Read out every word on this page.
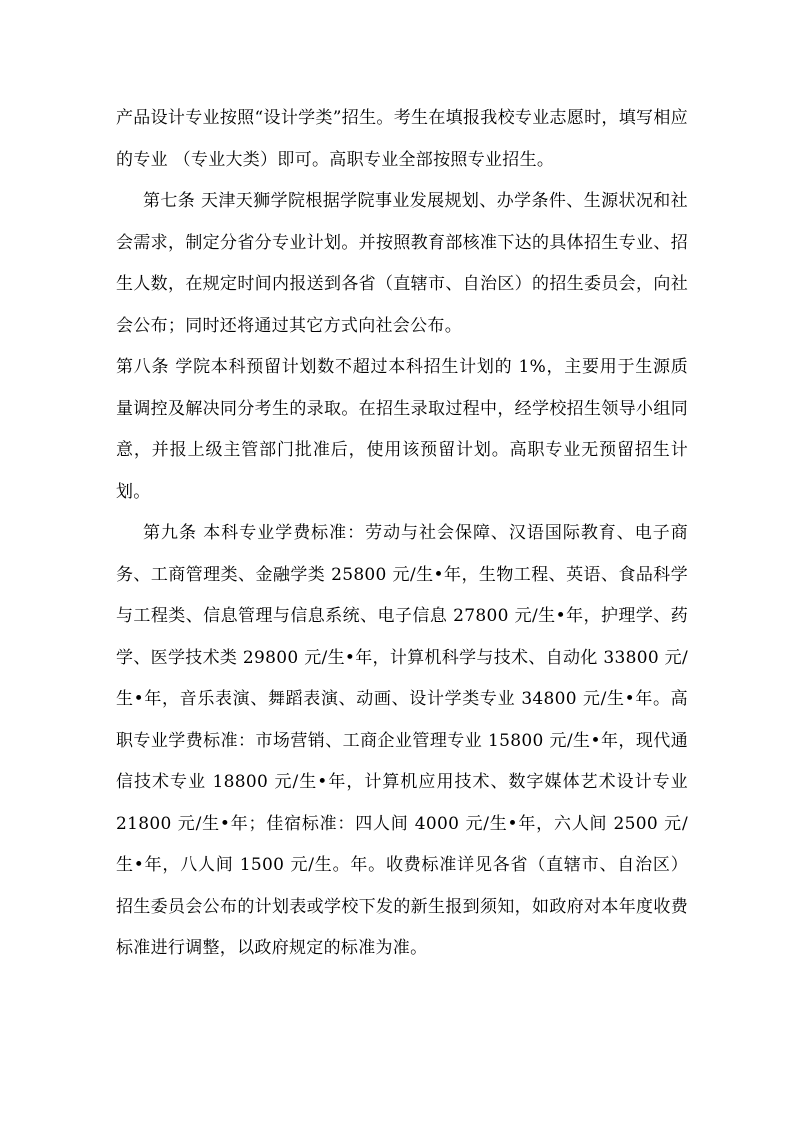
产品设计专业按照“设计学类”招生。考生在填报我校专业志愿时，填写相应的专业 （专业大类）即可。高职专业全部按照专业招生。

第七条 天津天狮学院根据学院事业发展规划、办学条件、生源状况和社会需求，制定分省分专业计划。并按照教育部核准下达的具体招生专业、招生人数，在规定时间内报送到各省（直辖市、自治区）的招生委员会，向社会公布；同时还将通过其它方式向社会公布。

第八条 学院本科预留计划数不超过本科招生计划的 1%，主要用于生源质量调控及解决同分考生的录取。在招生录取过程中，经学校招生领导小组同意，并报上级主管部门批准后，使用该预留计划。高职专业无预留招生计划。

第九条 本科专业学费标准：劳动与社会保障、汉语国际教育、电子商务、工商管理类、金融学类 25800 元/生•年，生物工程、英语、食品科学与工程类、信息管理与信息系统、电子信息 27800 元/生•年，护理学、药学、医学技术类 29800 元/生•年，计算机科学与技术、自动化 33800 元/生•年，音乐表演、舞蹈表演、动画、设计学类专业 34800 元/生•年。高职专业学费标准：市场营销、工商企业管理专业 15800 元/生•年，现代通信技术专业 18800 元/生•年，计算机应用技术、数字媒体艺术设计专业 21800 元/生•年；佳宿标准：四人间 4000 元/生•年，六人间 2500 元/生•年，八人间 1500 元/生。年。收费标准详见各省（直辖市、自治区）招生委员会公布的计划表或学校下发的新生报到须知，如政府对本年度收费标准进行调整，以政府规定的标准为准。
